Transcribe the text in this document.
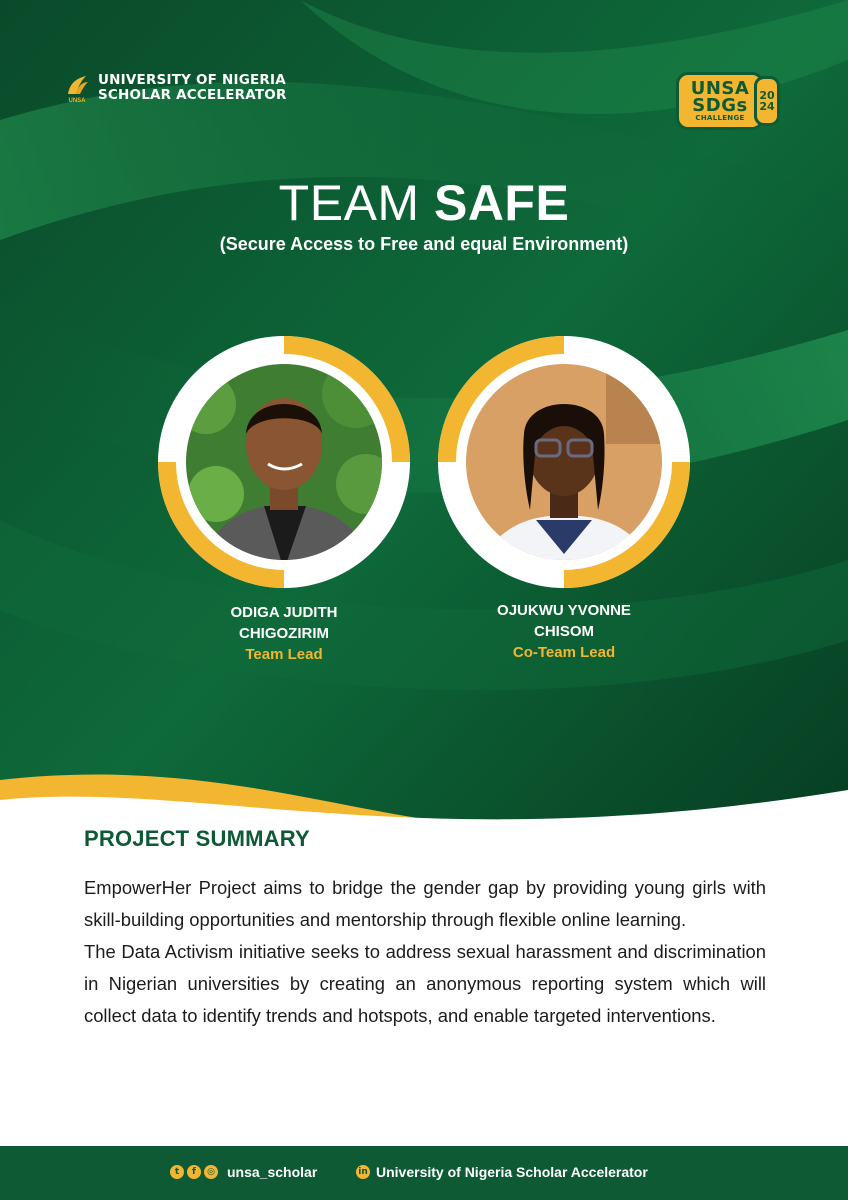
UNSA
UNIVERSITY OF NIGERIA
SCHOLAR ACCELERATOR	UNSA
SDGs
CHALLENGE
20
24
TEAM SAFE
(Secure Access to Free and equal Environment)
ODIGA JUDITH
CHIGOZIRIM
Team Lead
OJUKWU YVONNE
CHISOM
Co-Team Lead
PROJECT SUMMARY

EmpowerHer Project aims to bridge the gender gap by providing young girls with skill-building opportunities and mentorship through flexible online learning.

The Data Activism initiative seeks to address sexual harassment and discrimination in Nigerian universities by creating an anonymous reporting system which will collect data to identify trends and hotspots, and enable targeted interventions.

t	f	◎ unsa_scholar	in University of Nigeria Scholar Accelerator
